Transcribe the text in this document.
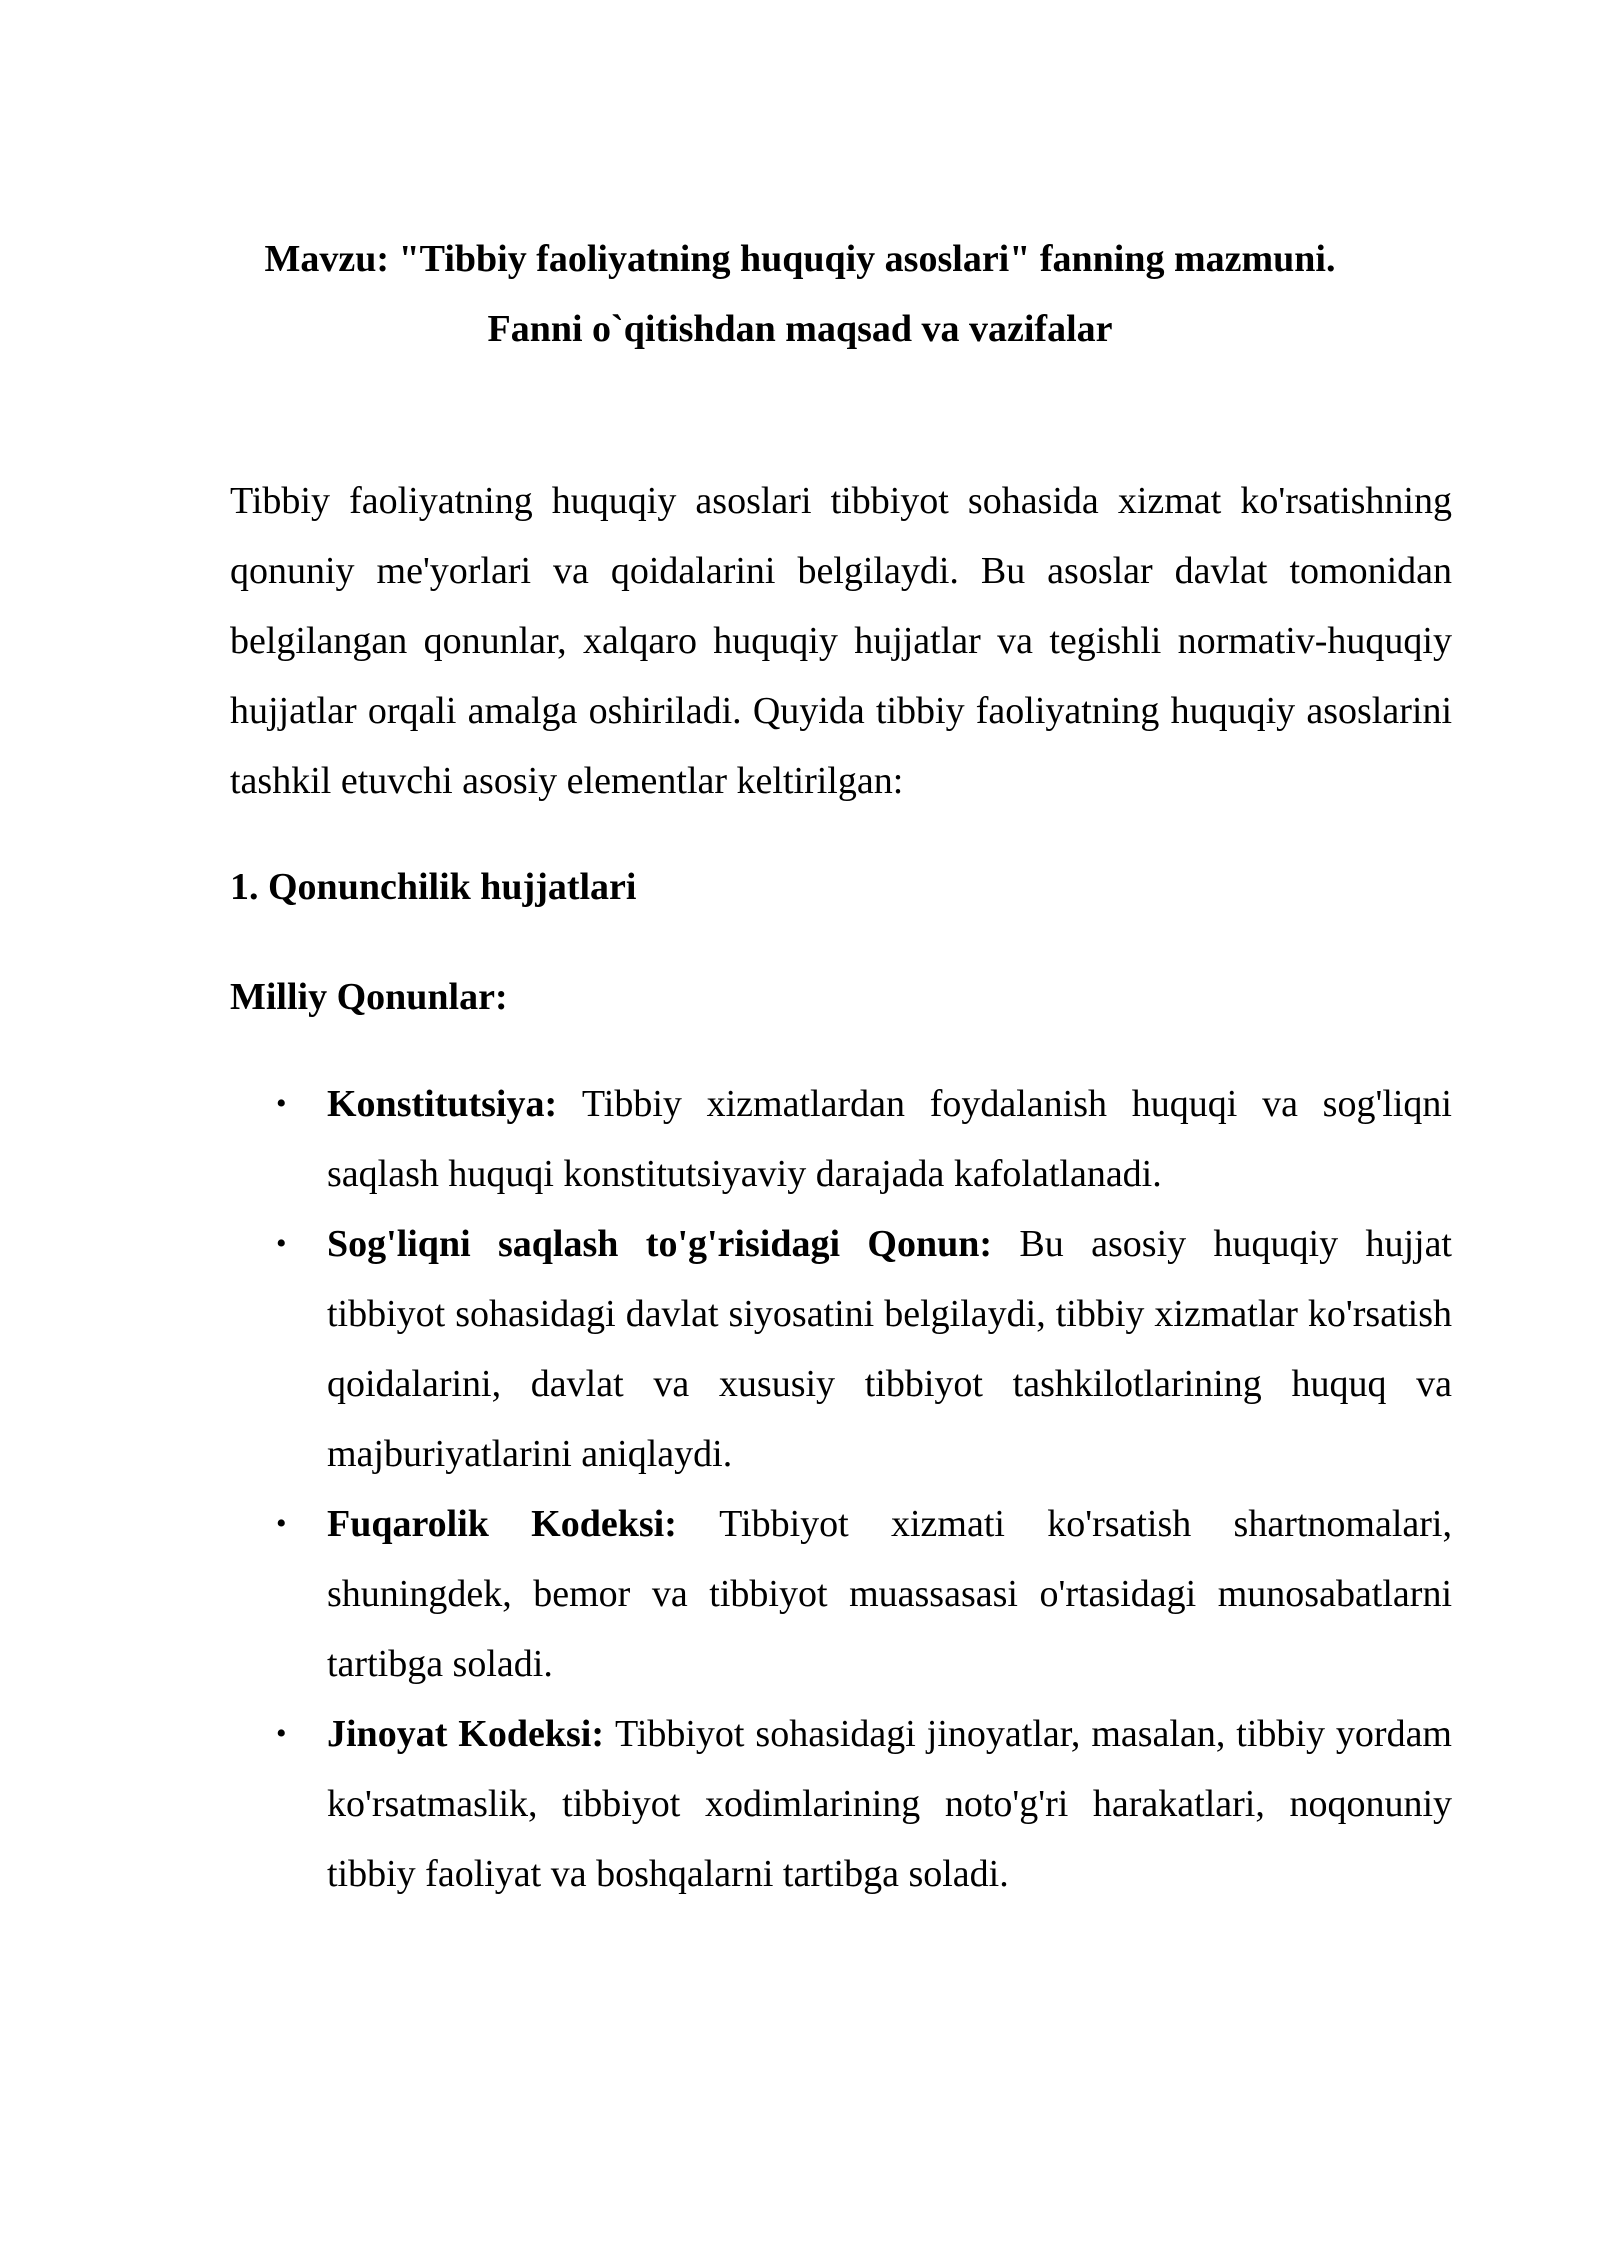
Mavzu: "Tibbiy faoliyatning huquqiy asoslari" fanning mazmuni.
Fanni o`qitishdan maqsad va vazifalar

Tibbiy faoliyatning huquqiy asoslari tibbiyot sohasida xizmat ko'rsatishning qonuniy me'yorlari va qoidalarini belgilaydi. Bu asoslar davlat tomonidan belgilangan qonunlar, xalqaro huquqiy hujjatlar va tegishli normativ-huquqiy hujjatlar orqali amalga oshiriladi. Quyida tibbiy faoliyatning huquqiy asoslarini tashkil etuvchi asosiy elementlar keltirilgan:

1. Qonunchilik hujjatlari
Milliy Qonunlar:
• Konstitutsiya: Tibbiy xizmatlardan foydalanish huquqi va sog'liqni saqlash huquqi konstitutsiyaviy darajada kafolatlanadi.
• Sog'liqni saqlash to'g'risidagi Qonun: Bu asosiy huquqiy hujjat tibbiyot sohasidagi davlat siyosatini belgilaydi, tibbiy xizmatlar ko'rsatish qoidalarini, davlat va xususiy tibbiyot tashkilotlarining huquq va majburiyatlarini aniqlaydi.
• Fuqarolik Kodeksi: Tibbiyot xizmati ko'rsatish shartnomalari, shuningdek, bemor va tibbiyot muassasasi o'rtasidagi munosabatlarni tartibga soladi.
• Jinoyat Kodeksi: Tibbiyot sohasidagi jinoyatlar, masalan, tibbiy yordam ko'rsatmaslik, tibbiyot xodimlarining noto'g'ri harakatlari, noqonuniy tibbiy faoliyat va boshqalarni tartibga soladi.
